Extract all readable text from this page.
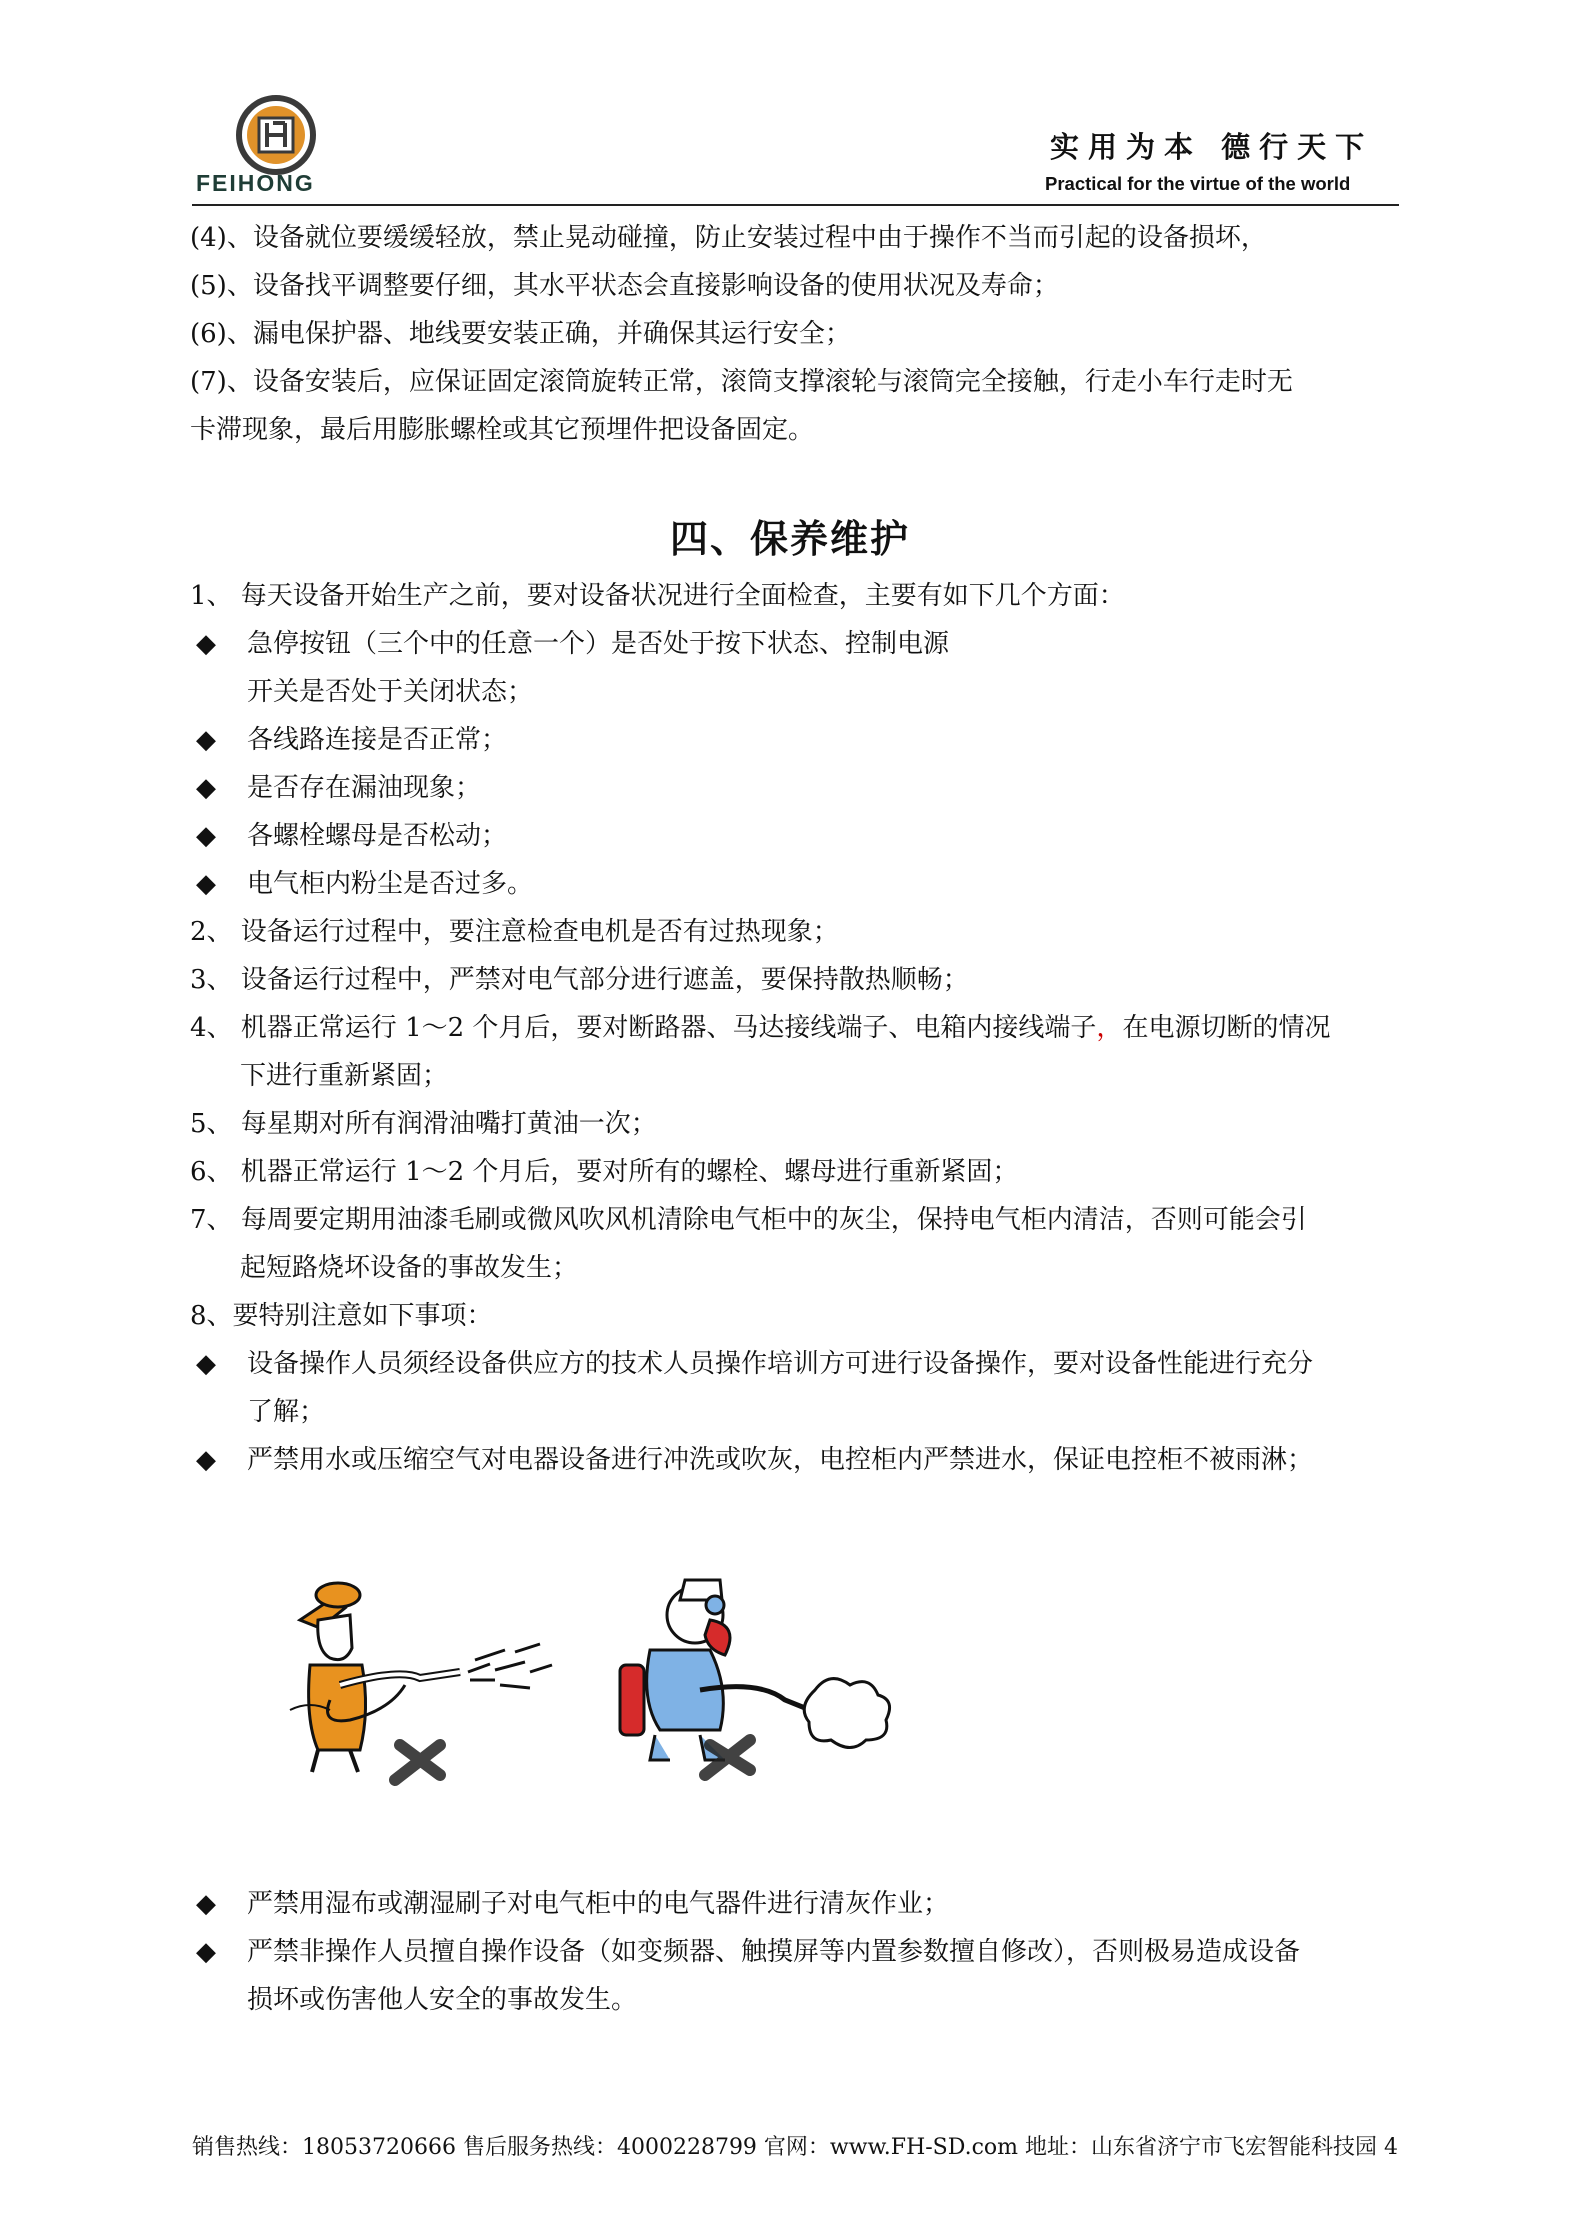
FEIHONG
实用为本 德行天下
Practical for the virtue of the world
(4)、设备就位要缓缓轻放，禁止晃动碰撞，防止安装过程中由于操作不当而引起的设备损坏，
(5)、设备找平调整要仔细，其水平状态会直接影响设备的使用状况及寿命；
(6)、漏电保护器、地线要安装正确，并确保其运行安全；
(7)、设备安装后，应保证固定滚筒旋转正常，滚筒支撑滚轮与滚筒完全接触，行走小车行走时无
卡滞现象，最后用膨胀螺栓或其它预埋件把设备固定。
四、保养维护
1、 每天设备开始生产之前，要对设备状况进行全面检查，主要有如下几个方面：
◆ 急停按钮（三个中的任意一个）是否处于按下状态、控制电源
开关是否处于关闭状态；
◆ 各线路连接是否正常；
◆ 是否存在漏油现象；
◆ 各螺栓螺母是否松动；
◆ 电气柜内粉尘是否过多。
2、 设备运行过程中，要注意检查电机是否有过热现象；
3、 设备运行过程中，严禁对电气部分进行遮盖，要保持散热顺畅；
4、 机器正常运行 1～2 个月后，要对断路器、马达接线端子、电箱内接线端子，在电源切断的情况
下进行重新紧固；
5、 每星期对所有润滑油嘴打黄油一次；
6、 机器正常运行 1～2 个月后，要对所有的螺栓、螺母进行重新紧固；
7、 每周要定期用油漆毛刷或微风吹风机清除电气柜中的灰尘，保持电气柜内清洁，否则可能会引
起短路烧坏设备的事故发生；
8、要特别注意如下事项：
◆ 设备操作人员须经设备供应方的技术人员操作培训方可进行设备操作，要对设备性能进行充分
了解；
◆ 严禁用水或压缩空气对电器设备进行冲洗或吹灰，电控柜内严禁进水，保证电控柜不被雨淋；
◆ 严禁用湿布或潮湿刷子对电气柜中的电气器件进行清灰作业；
◆ 严禁非操作人员擅自操作设备（如变频器、触摸屏等内置参数擅自修改），否则极易造成设备
损坏或伤害他人安全的事故发生。
销售热线：18053720666 售后服务热线：4000228799 官网：www.FH-SD.com 地址：山东省济宁市飞宏智能科技园 4
